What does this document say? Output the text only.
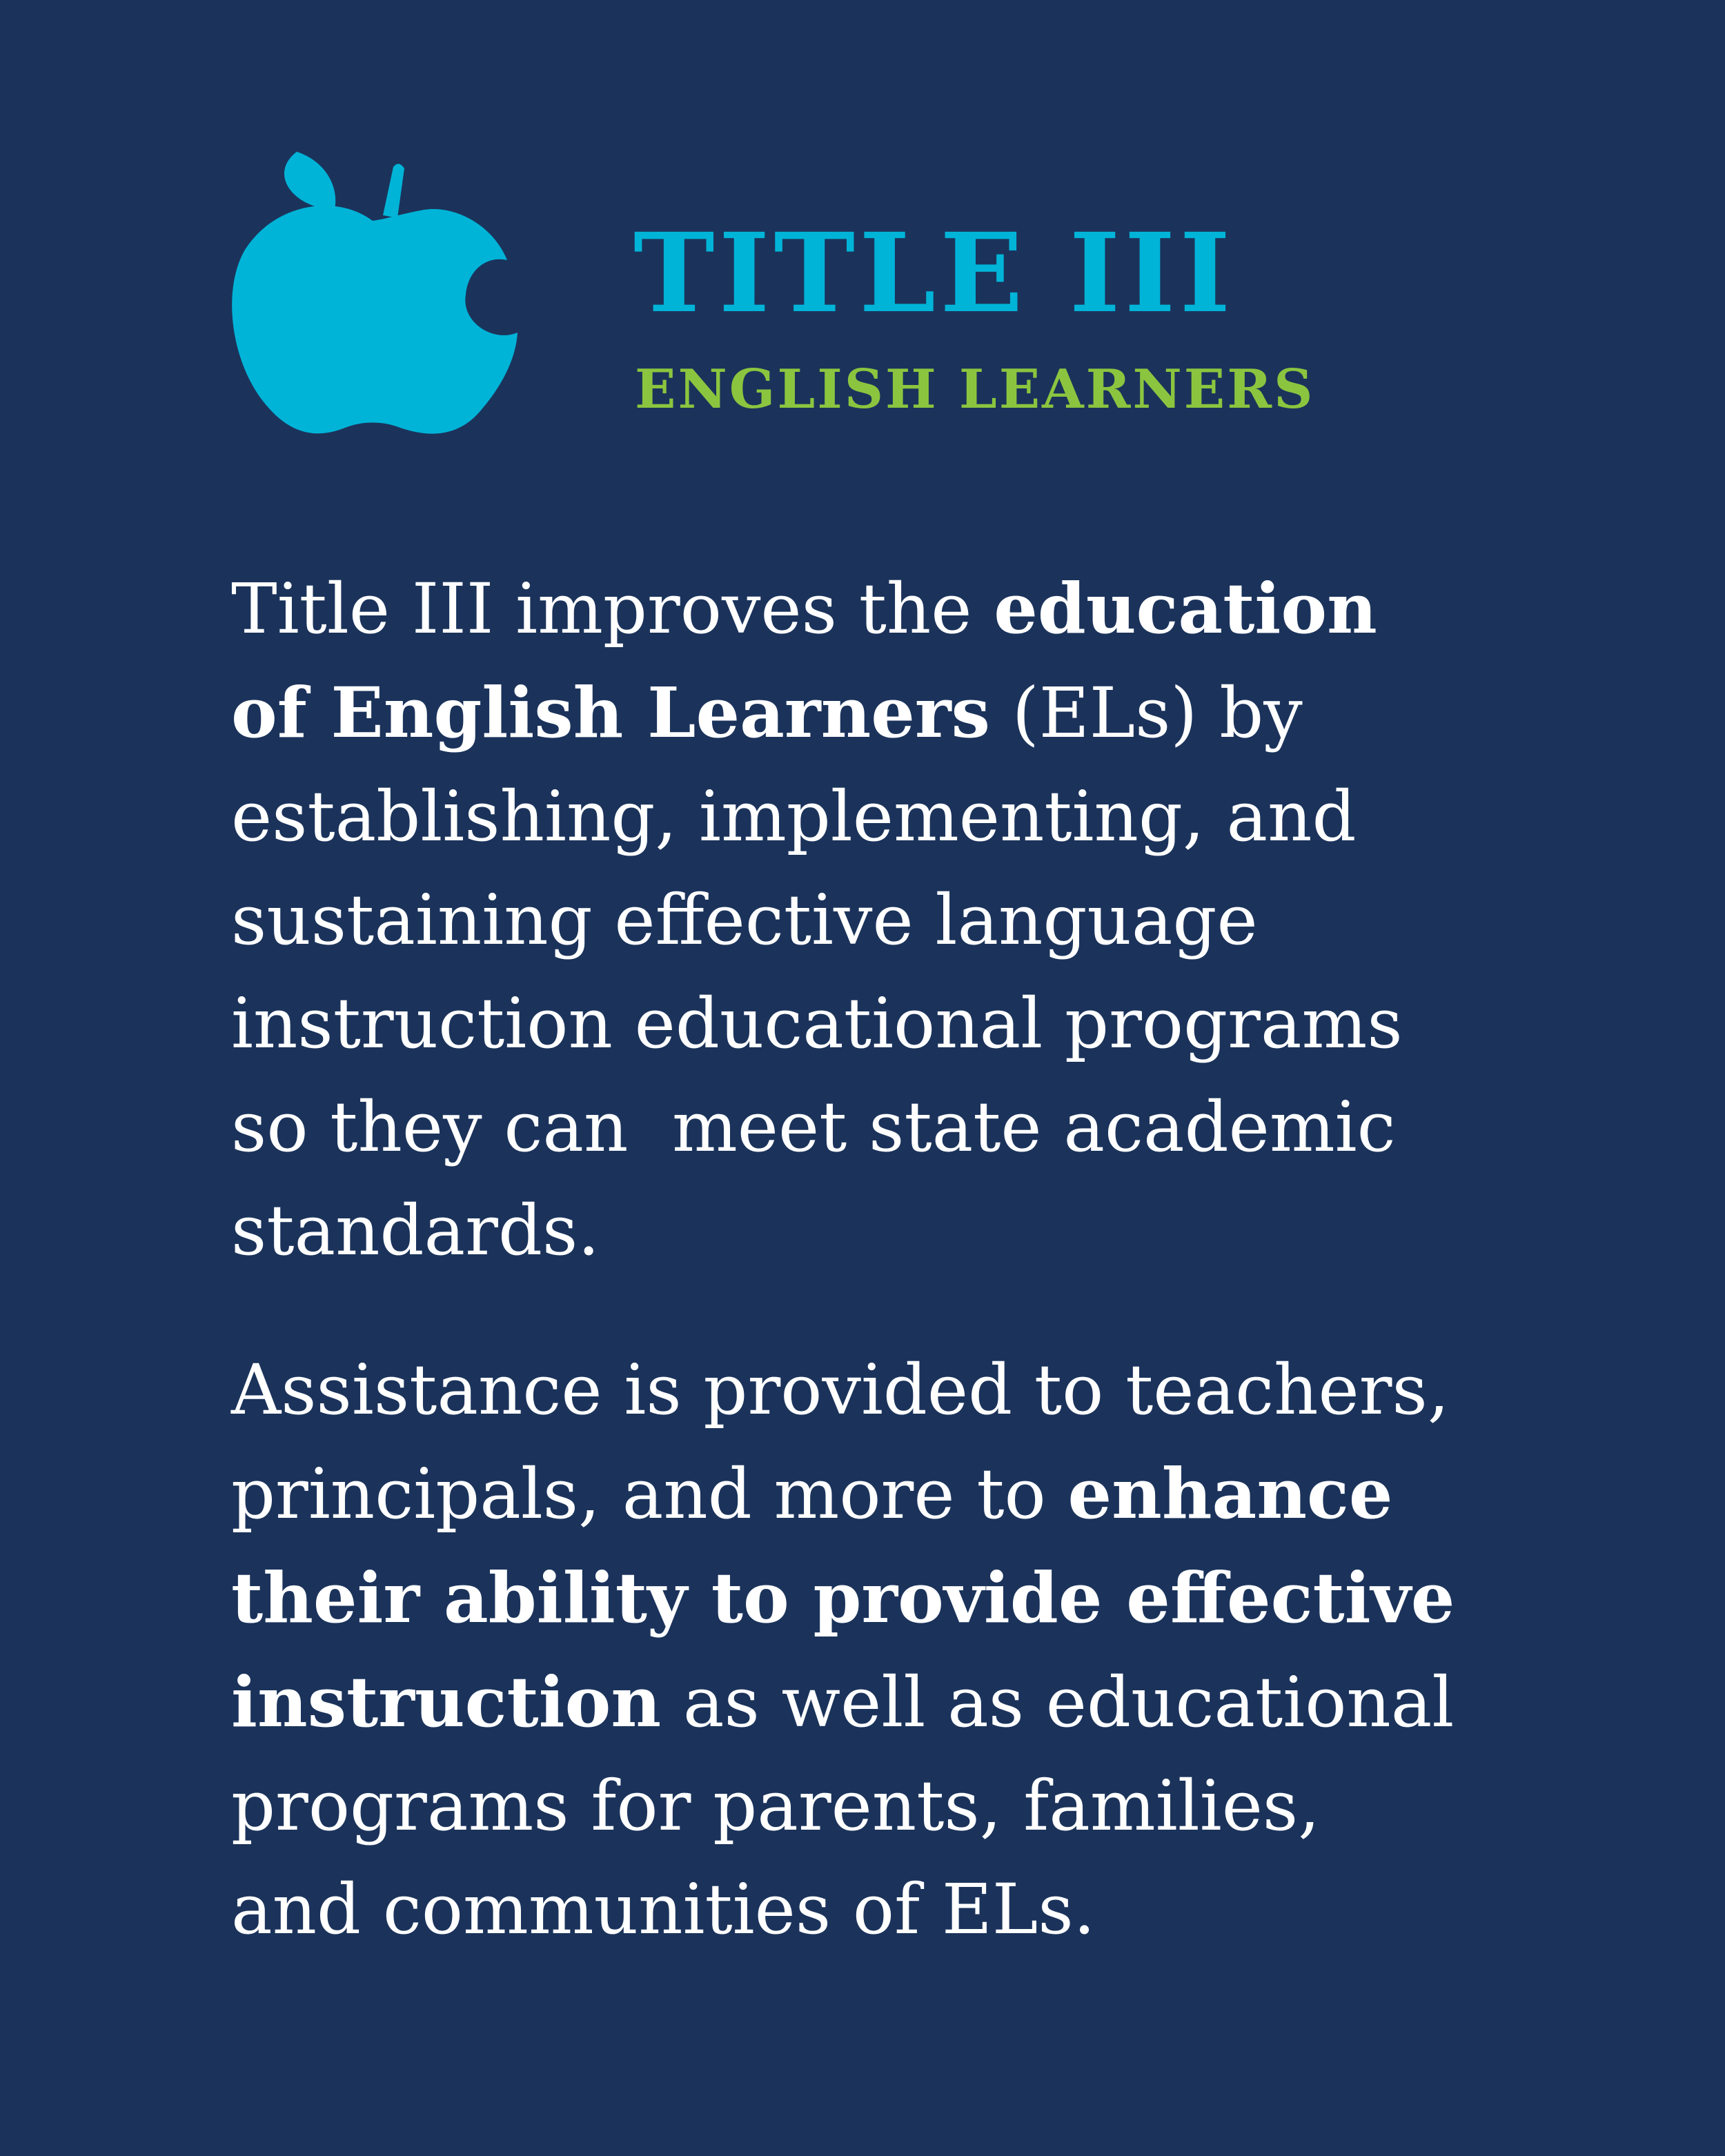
TITLE III
ENGLISH LEARNERS

Title III improves the education
of English Learners (ELs) by
establishing, implementing, and
sustaining effective language
instruction educational programs
so they can  meet state academic
standards.

Assistance is provided to teachers,
principals, and more to enhance
their ability to provide effective
instruction as well as educational
programs for parents, families,
and communities of ELs.
